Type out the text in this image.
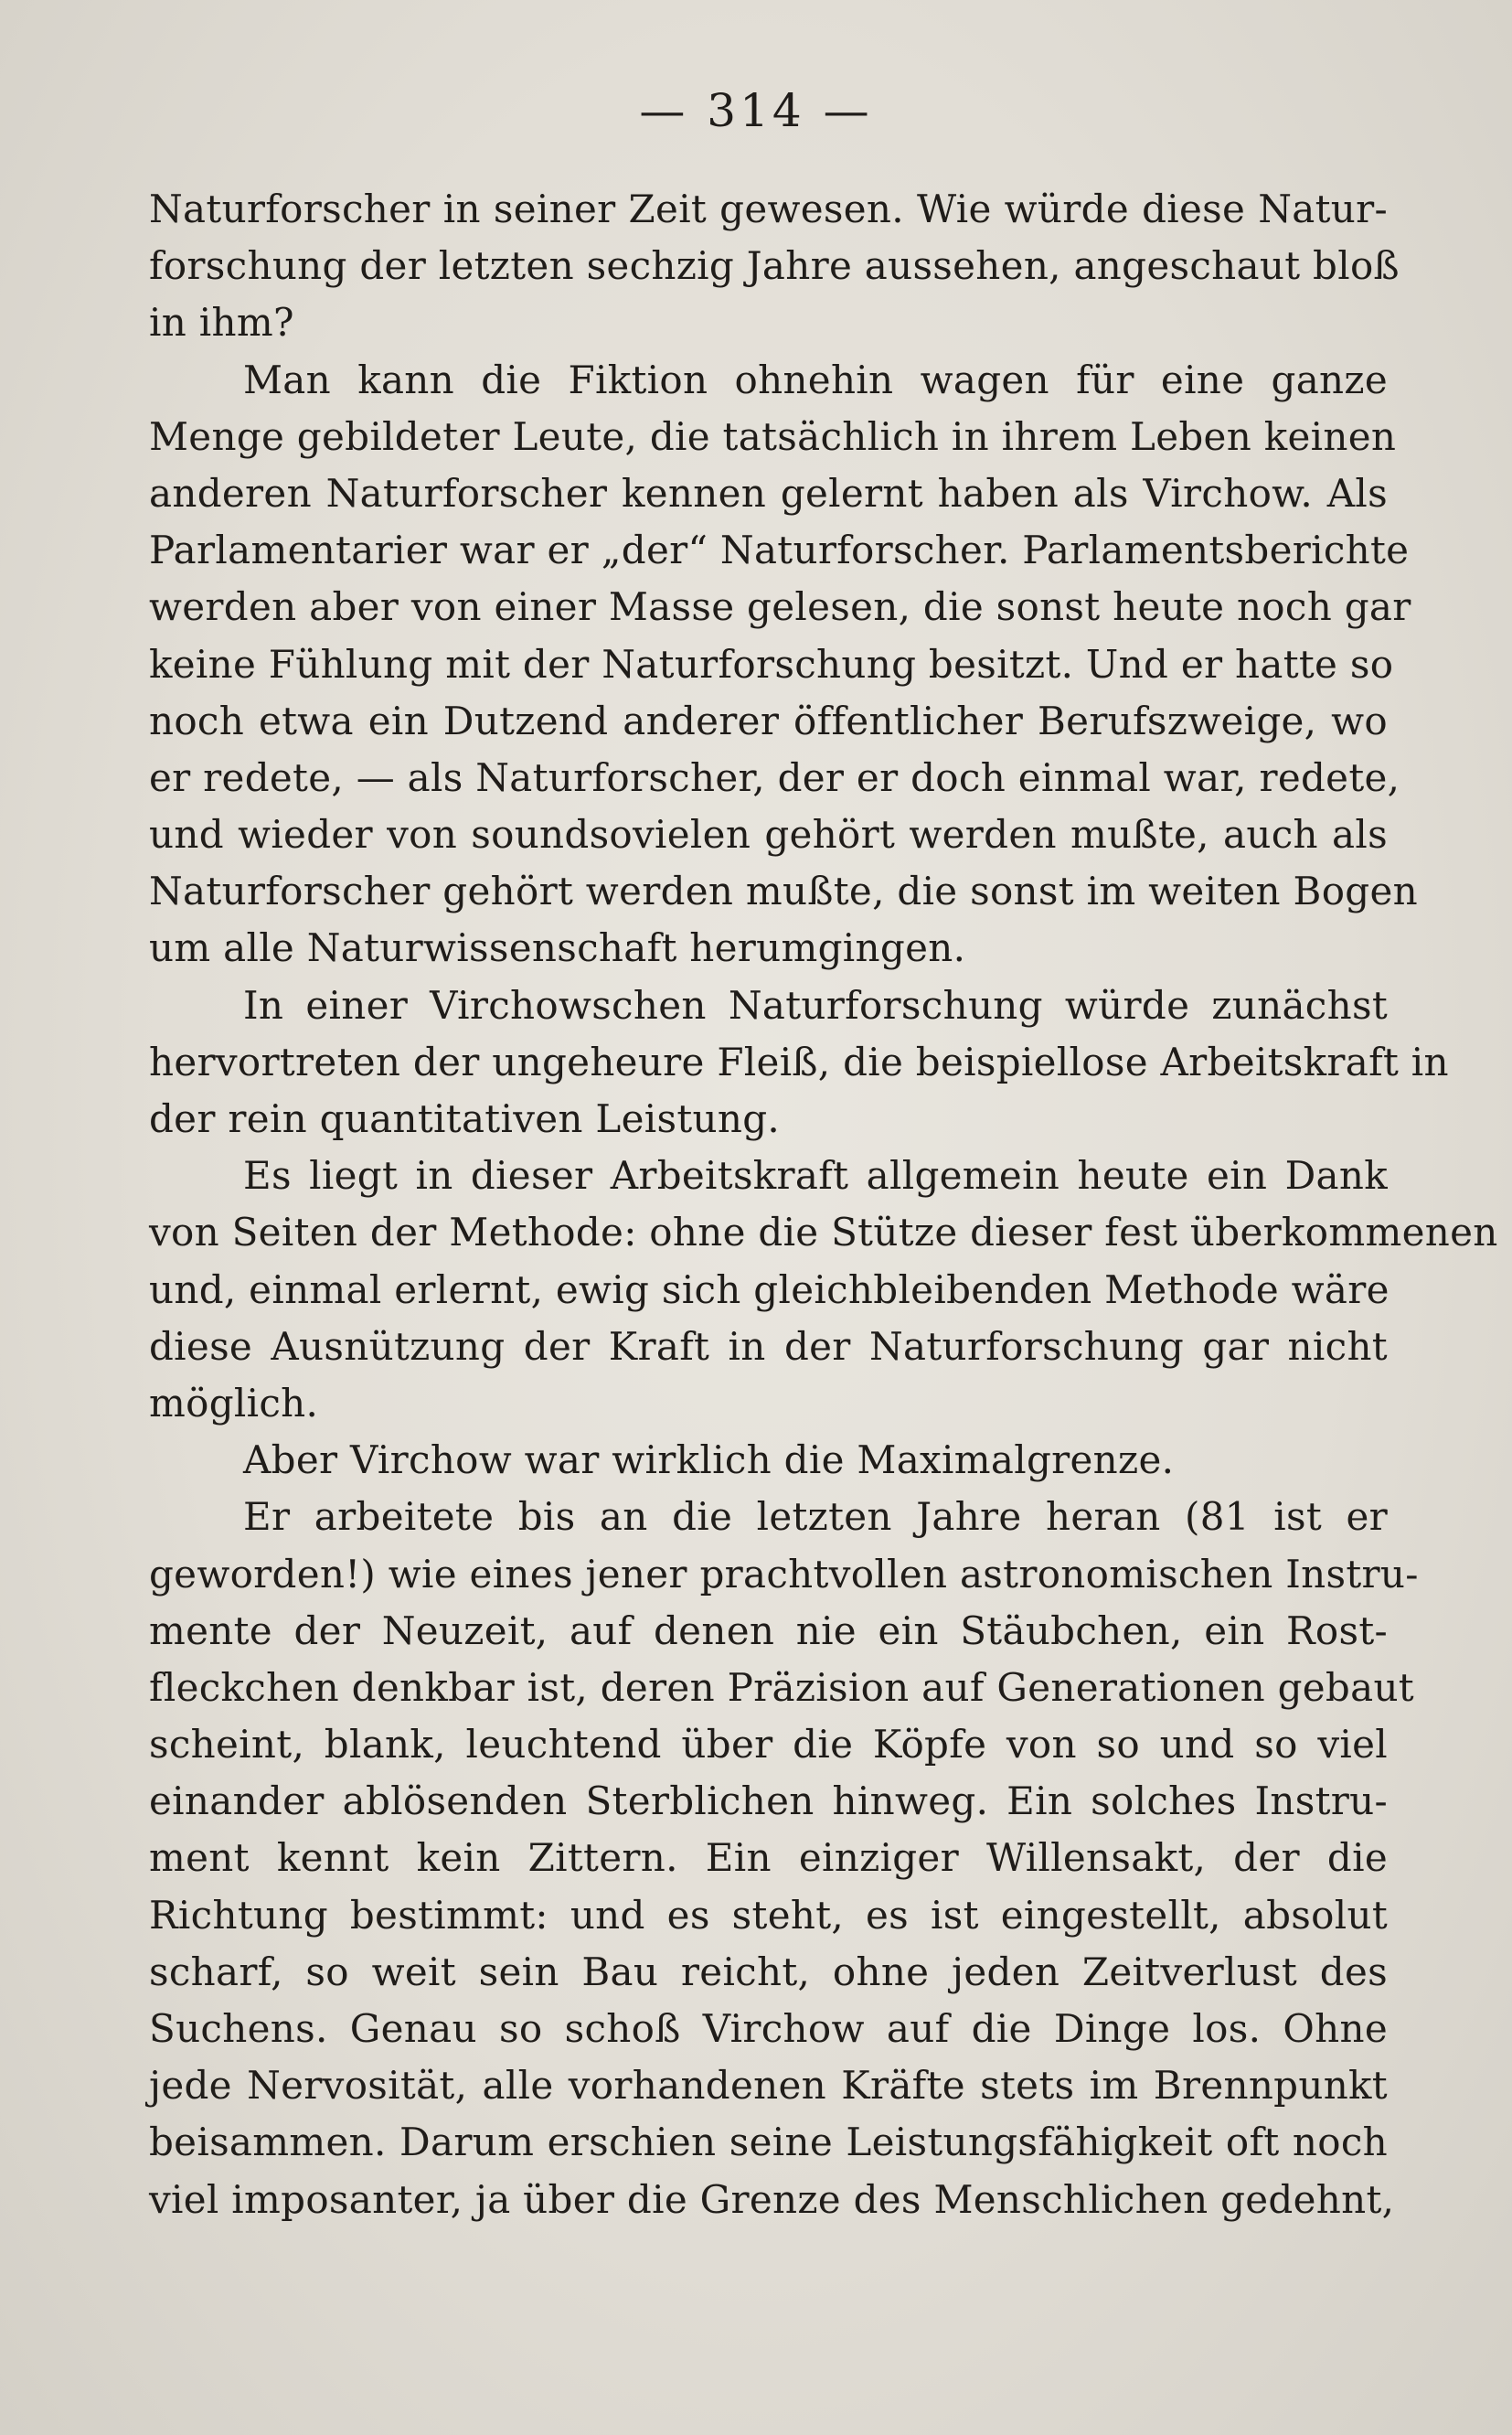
— 314 —
Naturforscher in seiner Zeit gewesen. Wie würde diese Natur-
forschung der letzten sechzig Jahre aussehen, angeschaut bloß
in ihm?
Man kann die Fiktion ohnehin wagen für eine ganze
Menge gebildeter Leute, die tatsächlich in ihrem Leben keinen
anderen Naturforscher kennen gelernt haben als Virchow. Als
Parlamentarier war er „der“ Naturforscher. Parlamentsberichte
werden aber von einer Masse gelesen, die sonst heute noch gar
keine Fühlung mit der Naturforschung besitzt. Und er hatte so
noch etwa ein Dutzend anderer öffentlicher Berufszweige, wo
er redete, — als Naturforscher, der er doch einmal war, redete,
und wieder von soundsovielen gehört werden mußte, auch als
Naturforscher gehört werden mußte, die sonst im weiten Bogen
um alle Naturwissenschaft herumgingen.
In einer Virchowschen Naturforschung würde zunächst
hervortreten der ungeheure Fleiß, die beispiellose Arbeitskraft in
der rein quantitativen Leistung.
Es liegt in dieser Arbeitskraft allgemein heute ein Dank
von Seiten der Methode: ohne die Stütze dieser fest überkommenen
und, einmal erlernt, ewig sich gleichbleibenden Methode wäre
diese Ausnützung der Kraft in der Naturforschung gar nicht
möglich.
Aber Virchow war wirklich die Maximalgrenze.
Er arbeitete bis an die letzten Jahre heran (81 ist er
geworden!) wie eines jener prachtvollen astronomischen Instru-
mente der Neuzeit, auf denen nie ein Stäubchen, ein Rost-
fleckchen denkbar ist, deren Präzision auf Generationen gebaut
scheint, blank, leuchtend über die Köpfe von so und so viel
einander ablösenden Sterblichen hinweg. Ein solches Instru-
ment kennt kein Zittern. Ein einziger Willensakt, der die
Richtung bestimmt: und es steht, es ist eingestellt, absolut
scharf, so weit sein Bau reicht, ohne jeden Zeitverlust des
Suchens. Genau so schoß Virchow auf die Dinge los. Ohne
jede Nervosität, alle vorhandenen Kräfte stets im Brennpunkt
beisammen. Darum erschien seine Leistungsfähigkeit oft noch
viel imposanter, ja über die Grenze des Menschlichen gedehnt,
